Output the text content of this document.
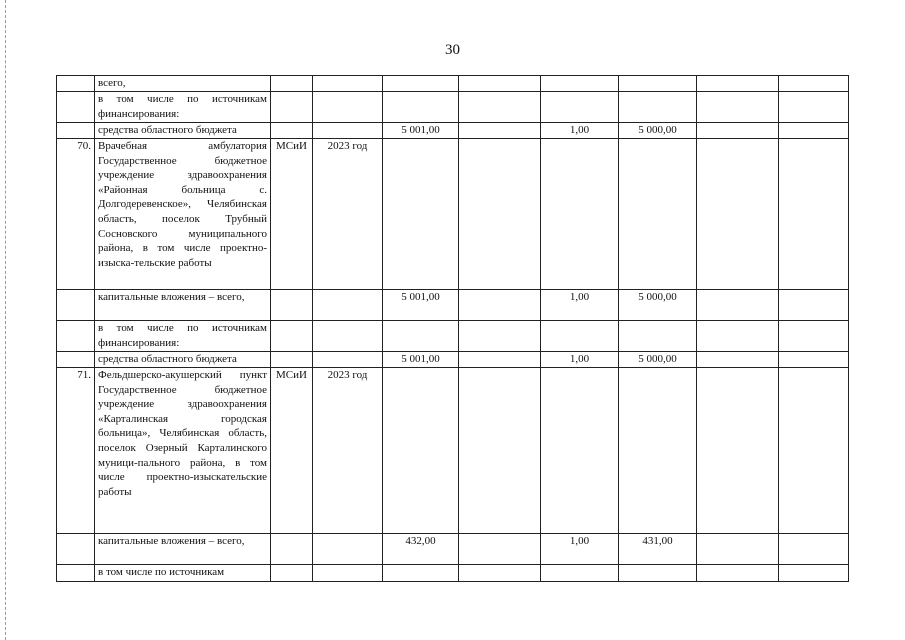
30
	всего,								
	в том числе по источникам финансирования:								
	средства областного бюджета			5 001,00		1,00	5 000,00		
70.	Врачебная амбулатория Государственное бюджетное учреждение здравоохранения «Районная больница с. Долгодеревенское», Челябинская область, поселок Трубный Сосновского муниципального района, в том числе проектно-изыска-тельские работы	МСиИ	2023 год						
	капитальные вложения – всего,			5 001,00		1,00	5 000,00		
	в том числе по источникам финансирования:								
	средства областного бюджета			5 001,00		1,00	5 000,00		
71.	Фельдшерско-акушерский пункт Государственное бюджетное учреждение здравоохранения «Карталинская городская больница», Челябинская область, поселок Озерный Карталинского муници-пального района, в том числе проектно-изыскательские работы	МСиИ	2023 год						
	капитальные вложения – всего,			432,00		1,00	431,00		
	в том числе по источникам								
